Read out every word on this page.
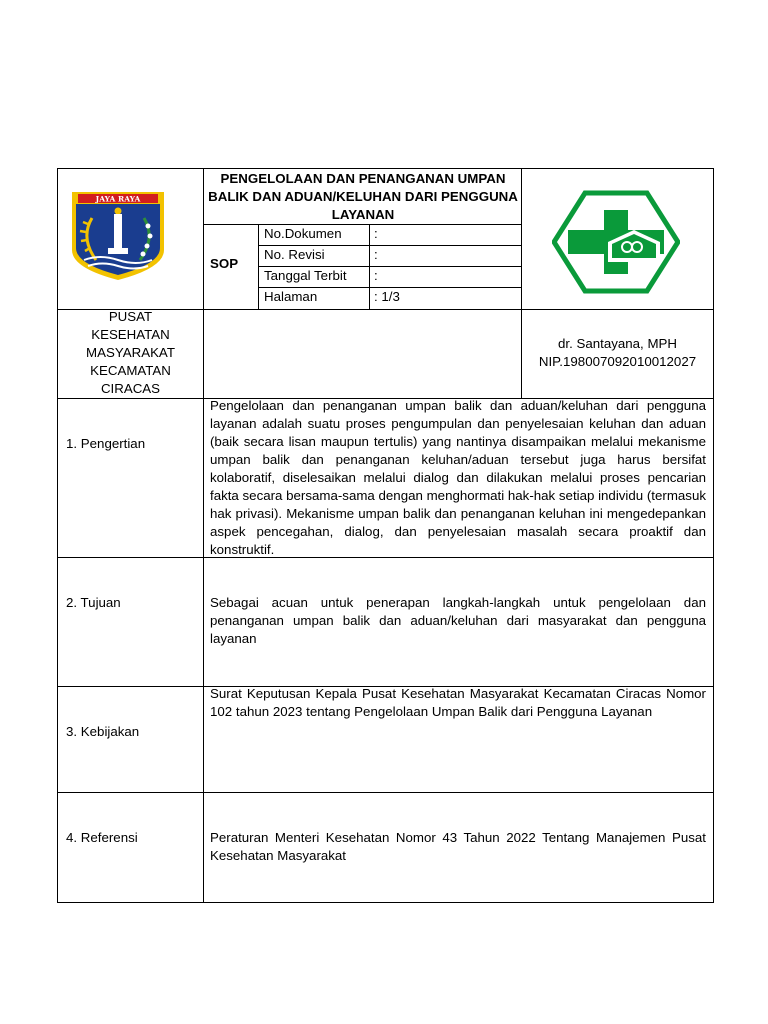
JAYA RAYA
PENGELOLAAN DAN PENANGANAN UMPAN BALIK DAN ADUAN/KELUHAN DARI PENGGUNA LAYANAN
SOP
No.Dokumen :
No. Revisi	:
Tanggal Terbit :
Halaman	: 1/3
PUSAT
KESEHATAN
MASYARAKAT
KECAMATAN
CIRACAS
dr. Santayana, MPH
NIP.198007092010012027
1. Pengertian
Pengelolaan dan penanganan umpan balik dan aduan/keluhan dari pengguna layanan adalah suatu proses pengumpulan dan penyelesaian keluhan dan aduan (baik secara lisan maupun tertulis) yang nantinya disampaikan melalui mekanisme umpan balik dan penanganan keluhan/aduan tersebut juga harus bersifat kolaboratif, diselesaikan melalui dialog dan dilakukan melalui proses pencarian fakta secara bersama-sama dengan menghormati hak-hak setiap individu (termasuk hak privasi). Mekanisme umpan balik dan penanganan keluhan ini mengedepankan aspek pencegahan, dialog, dan penyelesaian masalah secara proaktif dan konstruktif.
2. Tujuan	Sebagai acuan untuk penerapan langkah-langkah untuk pengelolaan dan penanganan umpan balik dan aduan/keluhan dari masyarakat dan pengguna layanan
3. Kebijakan
Surat Keputusan Kepala Pusat Kesehatan Masyarakat Kecamatan Ciracas Nomor 102 tahun 2023 tentang Pengelolaan Umpan Balik dari Pengguna Layanan
4. Referensi	Peraturan Menteri Kesehatan Nomor 43 Tahun 2022 Tentang Manajemen Pusat Kesehatan Masyarakat
